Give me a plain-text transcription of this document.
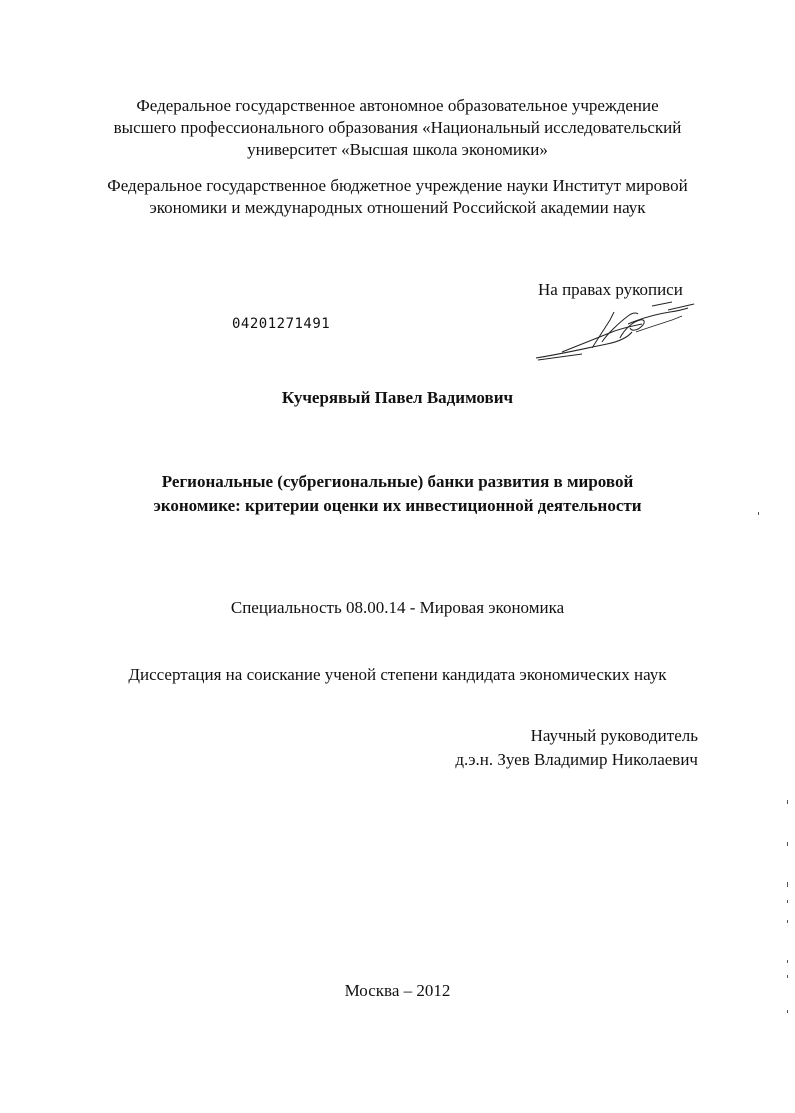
Федеральное государственное автономное образовательное учреждение
высшего профессионального образования «Национальный исследовательский
университет «Высшая школа экономики»
Федеральное государственное бюджетное учреждение науки Институт мировой
экономики и международных отношений Российской академии наук
На правах рукописи
04201271491
Кучерявый Павел Вадимович
Региональные (субрегиональные) банки развития в мировой
экономике: критерии оценки их инвестиционной деятельности
Специальность 08.00.14 - Мировая экономика
Диссертация на соискание ученой степени кандидата экономических наук
Научный руководитель
д.э.н. Зуев Владимир Николаевич
Москва – 2012
